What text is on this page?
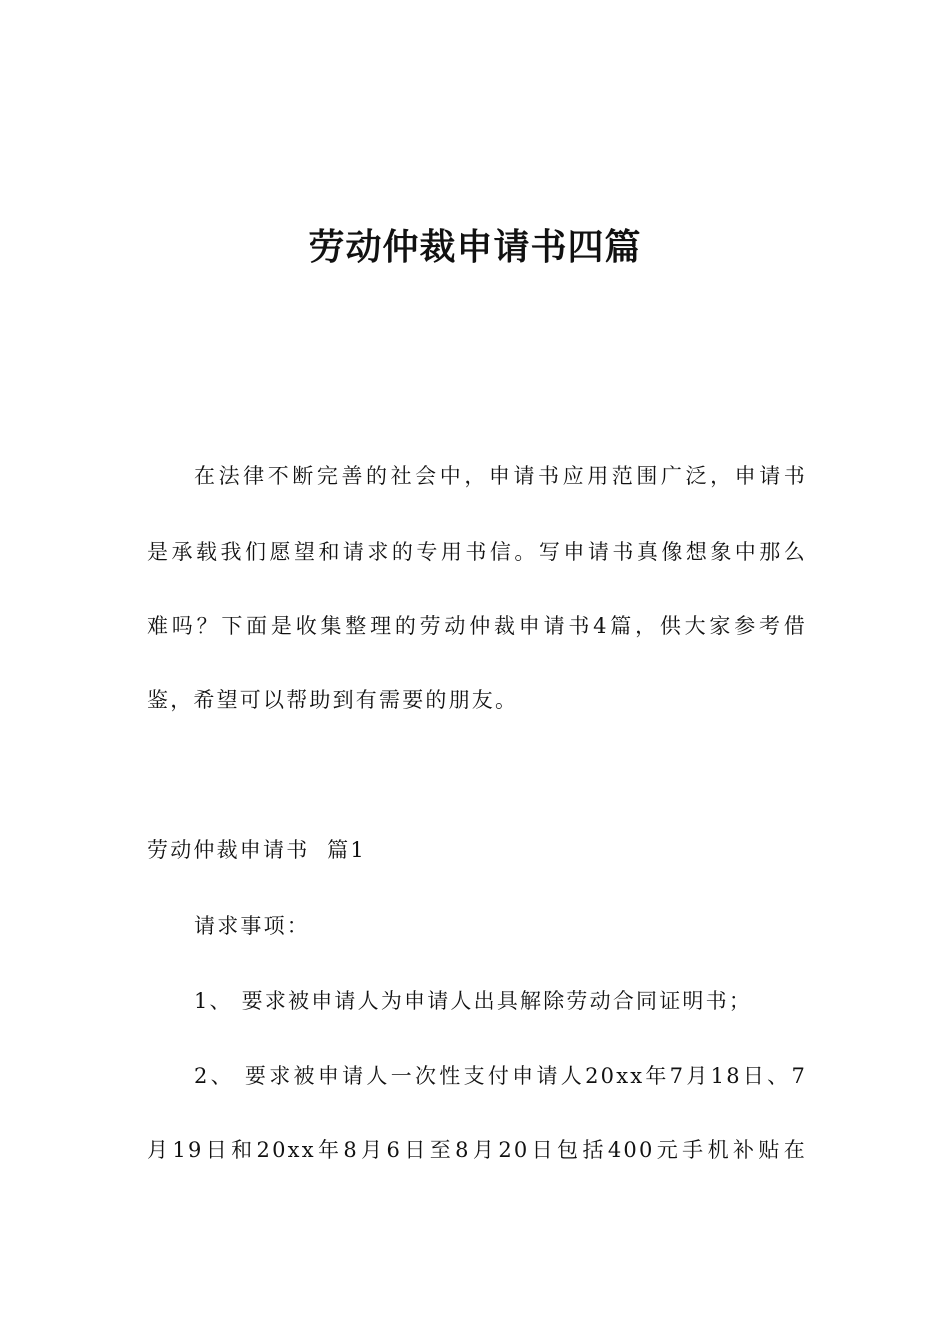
劳动仲裁申请书四篇

在法律不断完善的社会中，申请书应用范围广泛，申请书

是承载我们愿望和请求的专用书信。写申请书真像想象中那么

难吗？下面是收集整理的劳动仲裁申请书4篇，供大家参考借

鉴，希望可以帮助到有需要的朋友。

劳动仲裁申请书  篇1

请求事项：

1、 要求被申请人为申请人出具解除劳动合同证明书；

2、 要求被申请人一次性支付申请人20xx年7月18日、7

月19日和20xx年8月6日至8月20日包括400元手机补贴在
